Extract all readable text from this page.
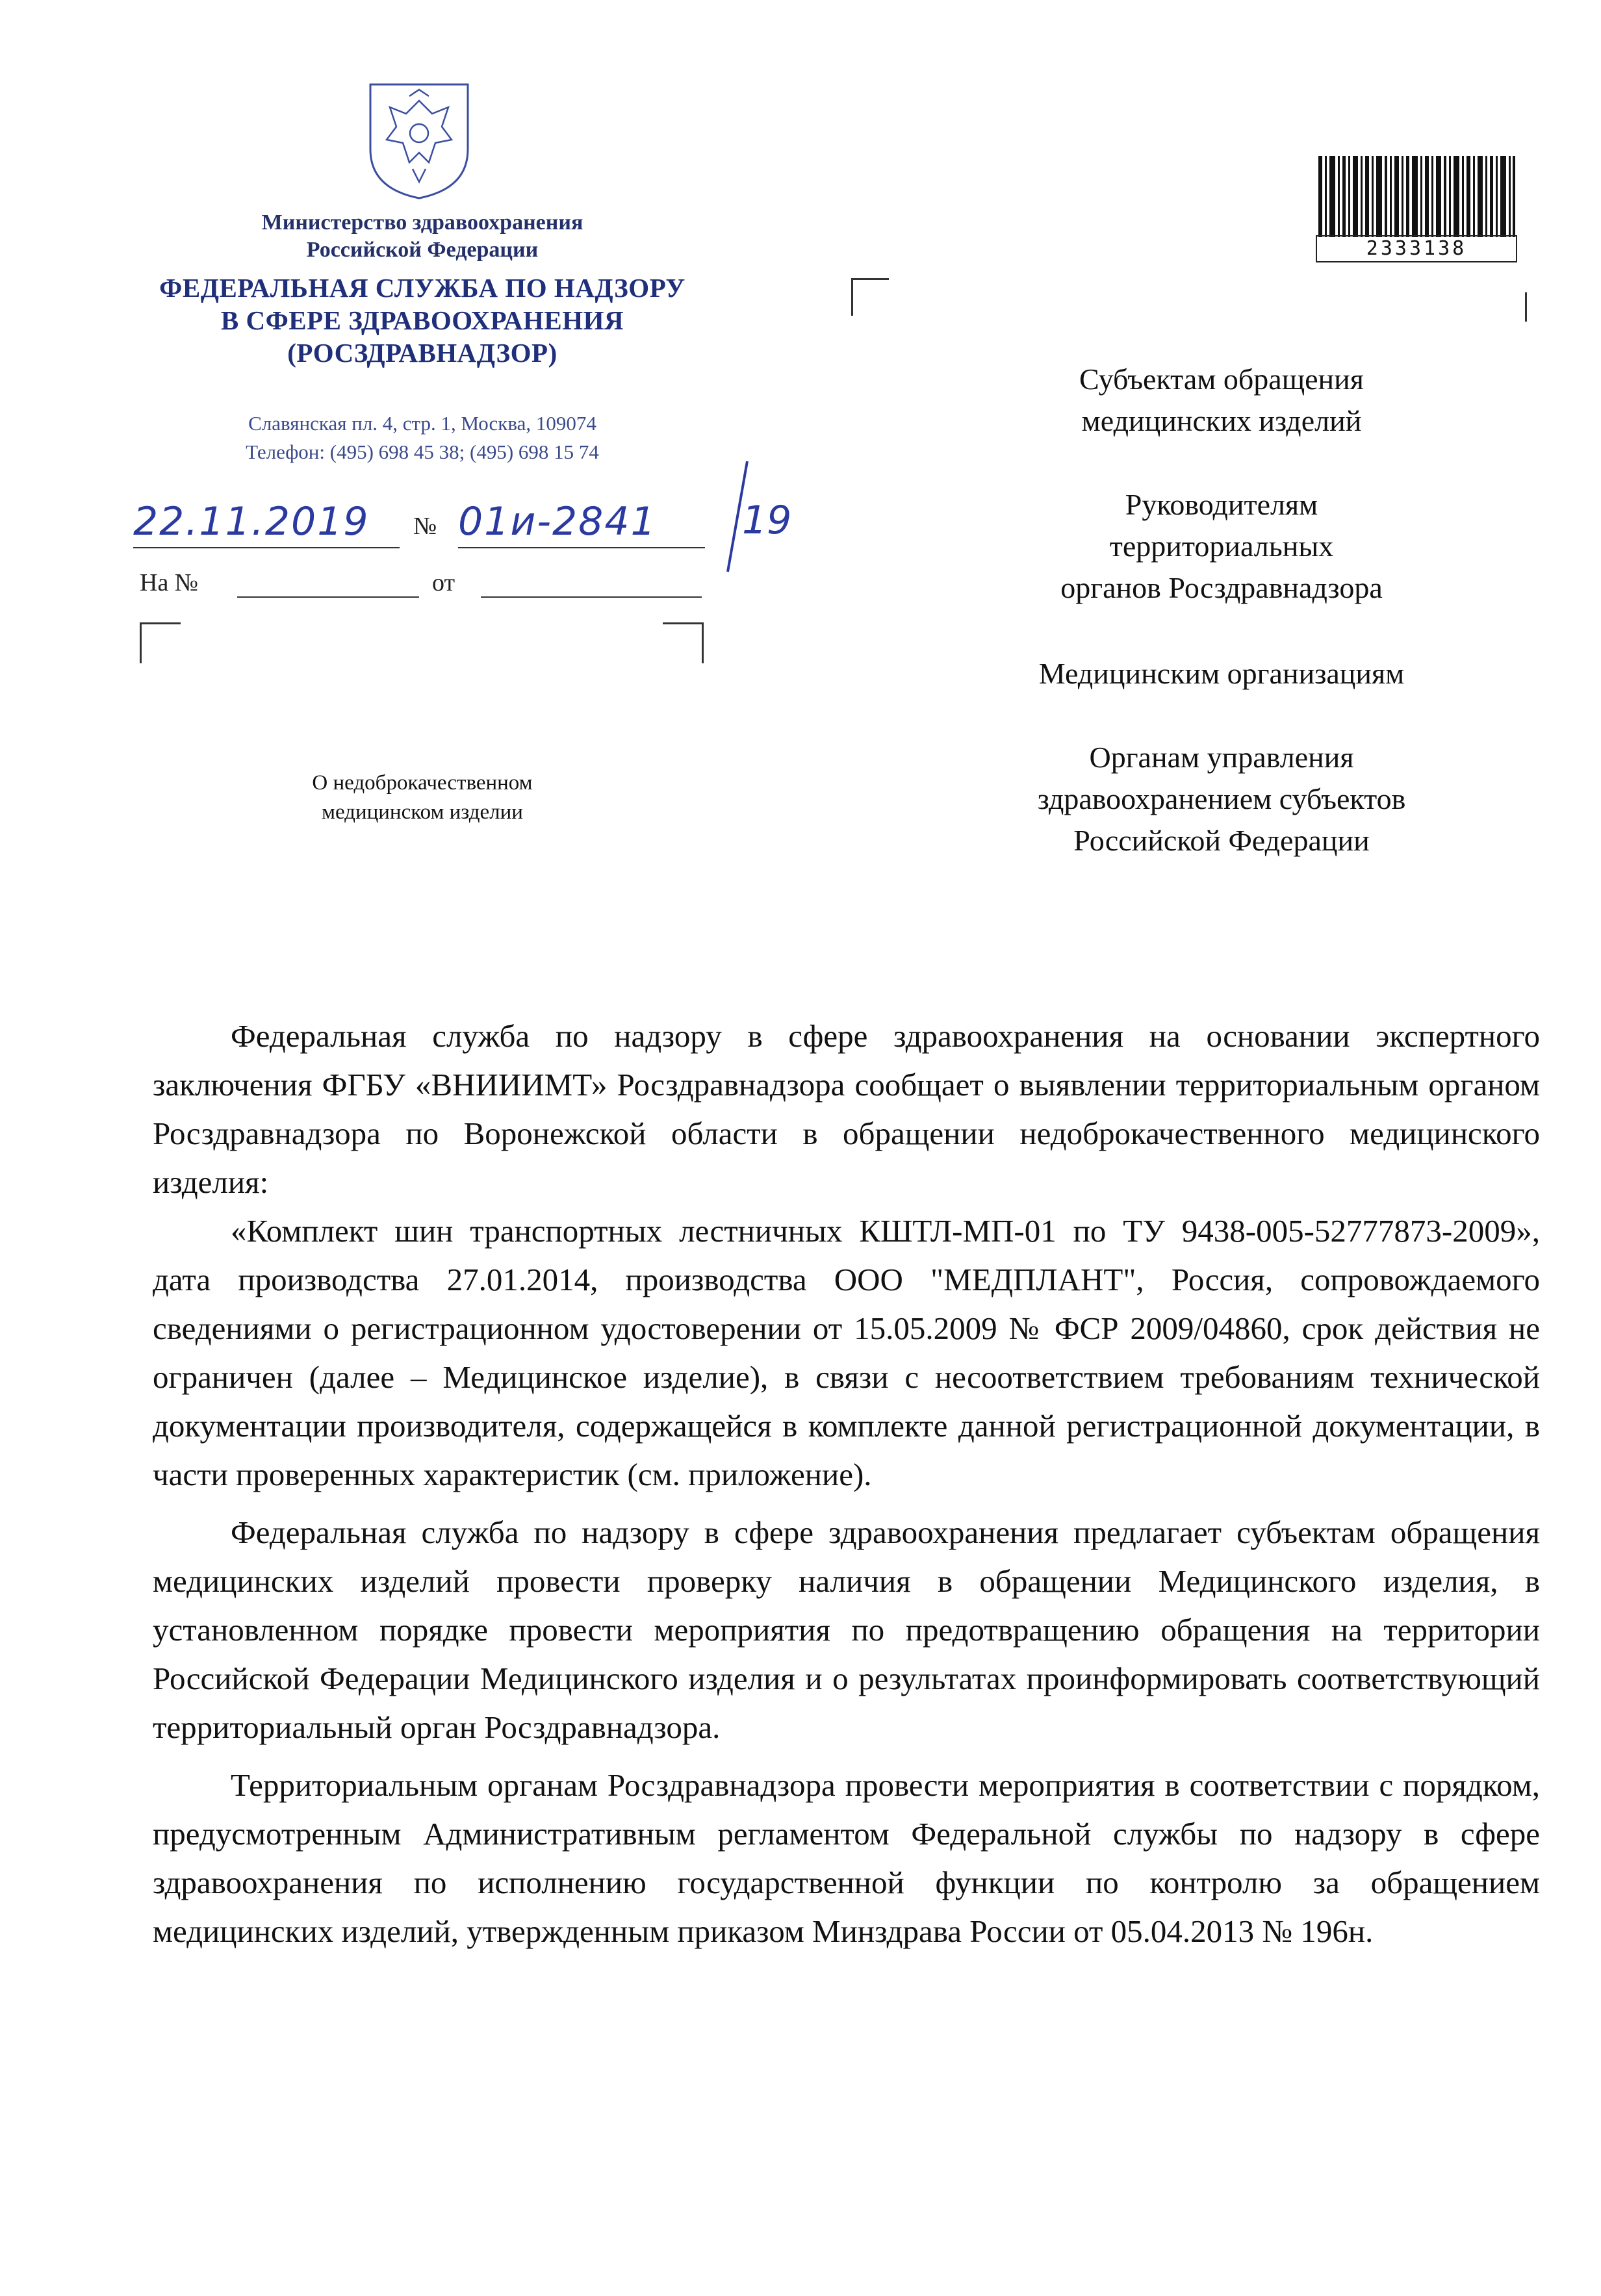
Министерство здравоохранения
Российской Федерации
ФЕДЕРАЛЬНАЯ СЛУЖБА ПО НАДЗОРУ
В СФЕРЕ ЗДРАВООХРАНЕНИЯ
(РОСЗДРАВНАДЗОР)
Славянская пл. 4, стр. 1, Москва, 109074
Телефон: (495) 698 45 38; (495) 698 15 74
22.11.2019 № 01и-2841 19
На №	от
О недоброкачественном
медицинском изделии
2333138
Субъектам обращения
медицинских изделий
Руководителям
территориальных
органов Росздравнадзора
Медицинским организациям
Органам управления
здравоохранением субъектов
Российской Федерации

Федеральная служба по надзору в сфере здравоохранения на основании экспертного заключения ФГБУ «ВНИИИМТ» Росздравнадзора сообщает о выявлении территориальным органом Росздравнадзора по Воронежской области в обращении недоброкачественного медицинского изделия:

«Комплект шин транспортных лестничных КШТЛ-МП-01 по ТУ 9438-005-52777873-2009», дата производства 27.01.2014, производства ООО "МЕДПЛАНТ", Россия, сопровождаемого сведениями о регистрационном удостоверении от 15.05.2009 № ФСР 2009/04860, срок действия не ограничен (далее – Медицинское изделие), в связи с несоответствием требованиям технической документации производителя, содержащейся в комплекте данной регистрационной документации, в части проверенных характеристик (см. приложение).

Федеральная служба по надзору в сфере здравоохранения предлагает субъектам обращения медицинских изделий провести проверку наличия в обращении Медицинского изделия, в установленном порядке провести мероприятия по предотвращению обращения на территории Российской Федерации Медицинского изделия и о результатах проинформировать соответствующий территориальный орган Росздравнадзора.

Территориальным органам Росздравнадзора провести мероприятия в соответствии с порядком, предусмотренным Административным регламентом Федеральной службы по надзору в сфере здравоохранения по исполнению государственной функции по контролю за обращением медицинских изделий, утвержденным приказом Минздрава России от 05.04.2013 № 196н.
